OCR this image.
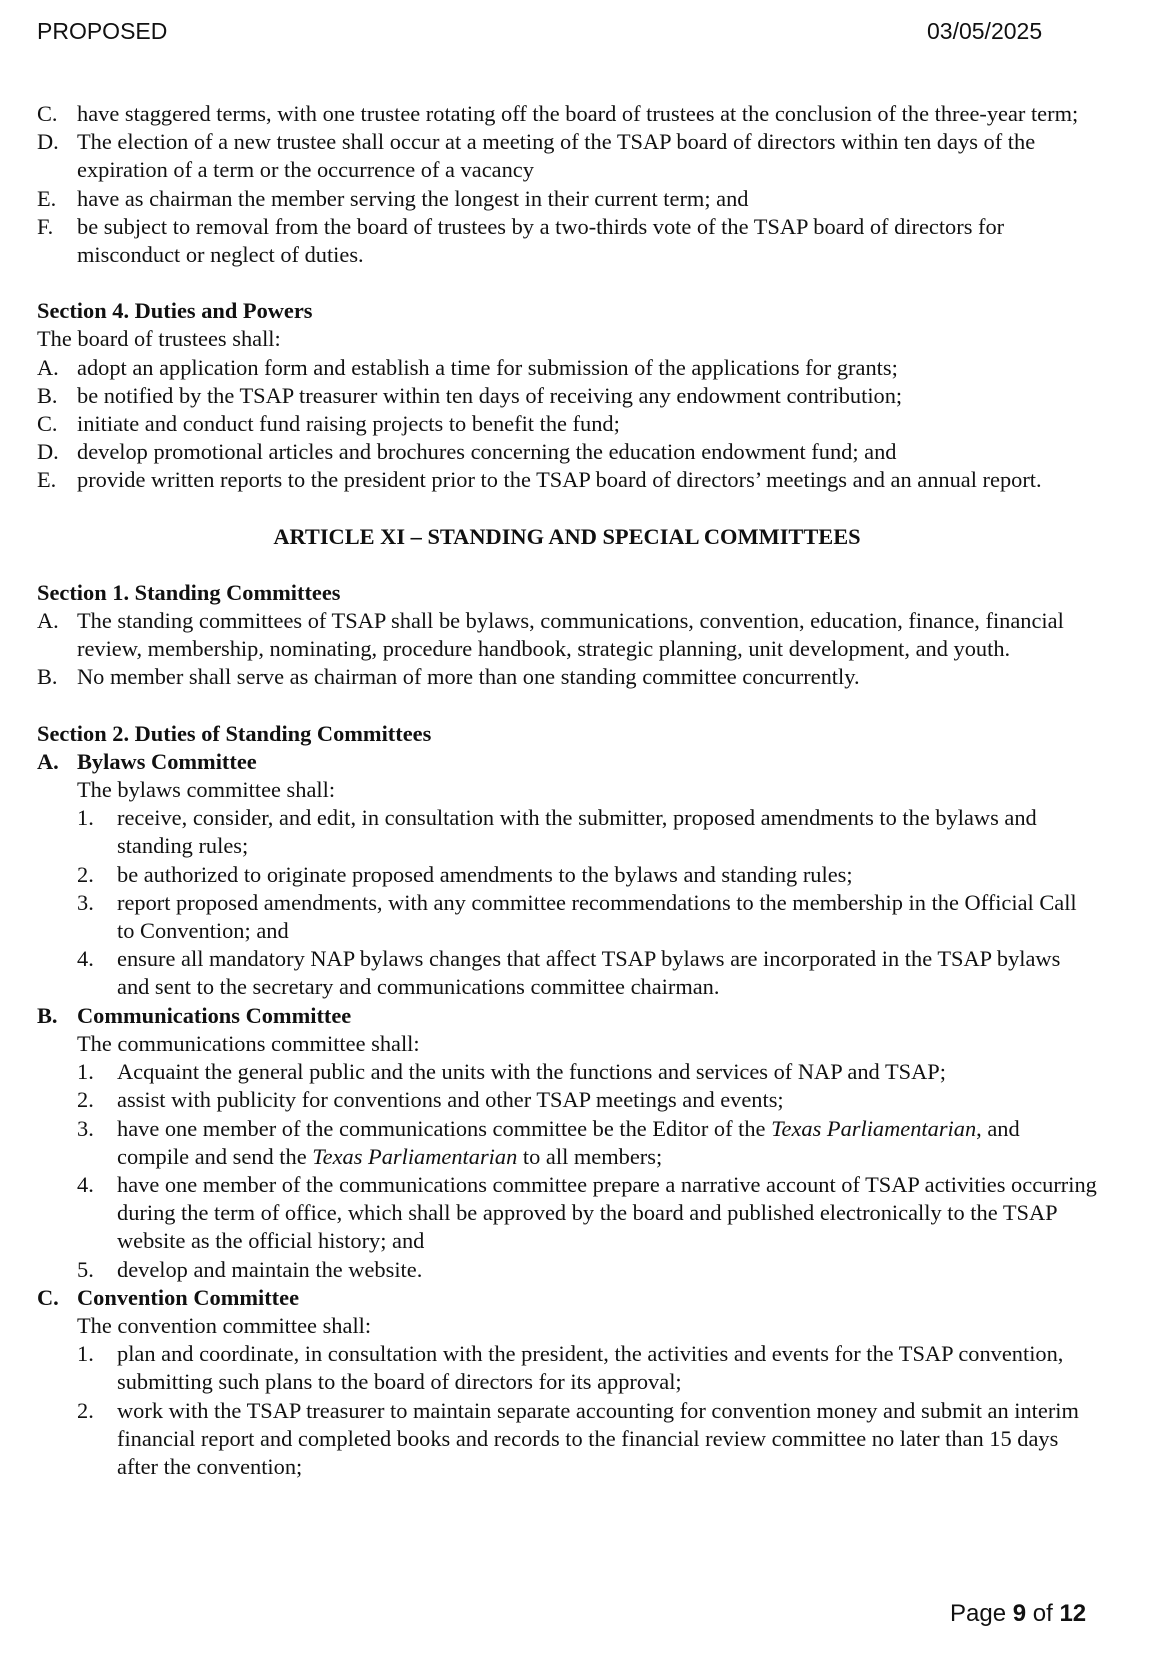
PROPOSED	03/05/2025
C. have staggered terms, with one trustee rotating off the board of trustees at the conclusion of the three-year term;
D. The election of a new trustee shall occur at a meeting of the TSAP board of directors within ten days of the expiration of a term or the occurrence of a vacancy
E. have as chairman the member serving the longest in their current term; and
F.	be subject to removal from the board of trustees by a two-thirds vote of the TSAP board of directors for misconduct or neglect of duties.
Section 4. Duties and Powers
The board of trustees shall:
A. adopt an application form and establish a time for submission of the applications for grants;
B. be notified by the TSAP treasurer within ten days of receiving any endowment contribution;
C. initiate and conduct fund raising projects to benefit the fund;
D. develop promotional articles and brochures concerning the education endowment fund; and
E. provide written reports to the president prior to the TSAP board of directors’ meetings and an annual report.
ARTICLE XI – STANDING AND SPECIAL COMMITTEES
Section 1. Standing Committees
A. The standing committees of TSAP shall be bylaws, communications, convention, education, finance, financial review, membership, nominating, procedure handbook, strategic planning, unit development, and youth.
B. No member shall serve as chairman of more than one standing committee concurrently.
Section 2. Duties of Standing Committees
A. Bylaws Committee
The bylaws committee shall:
1.	receive, consider, and edit, in consultation with the submitter, proposed amendments to the bylaws and standing rules;
2.	be authorized to originate proposed amendments to the bylaws and standing rules;
3.	report proposed amendments, with any committee recommendations to the membership in the Official Call to Convention; and
4.	ensure all mandatory NAP bylaws changes that affect TSAP bylaws are incorporated in the TSAP bylaws and sent to the secretary and communications committee chairman.
B. Communications Committee
The communications committee shall:
1.	Acquaint the general public and the units with the functions and services of NAP and TSAP;
2.	assist with publicity for conventions and other TSAP meetings and events;
3.	have one member of the communications committee be the Editor of the Texas Parliamentarian, and compile and send the Texas Parliamentarian to all members;
4.	have one member of the communications committee prepare a narrative account of TSAP activities occurring during the term of office, which shall be approved by the board and published electronically to the TSAP website as the official history; and
5.	develop and maintain the website.
C. Convention Committee
The convention committee shall:
1.	plan and coordinate, in consultation with the president, the activities and events for the TSAP convention, submitting such plans to the board of directors for its approval;
2.	work with the TSAP treasurer to maintain separate accounting for convention money and submit an interim financial report and completed books and records to the financial review committee no later than 15 days after the convention;
Page 9 of 12
